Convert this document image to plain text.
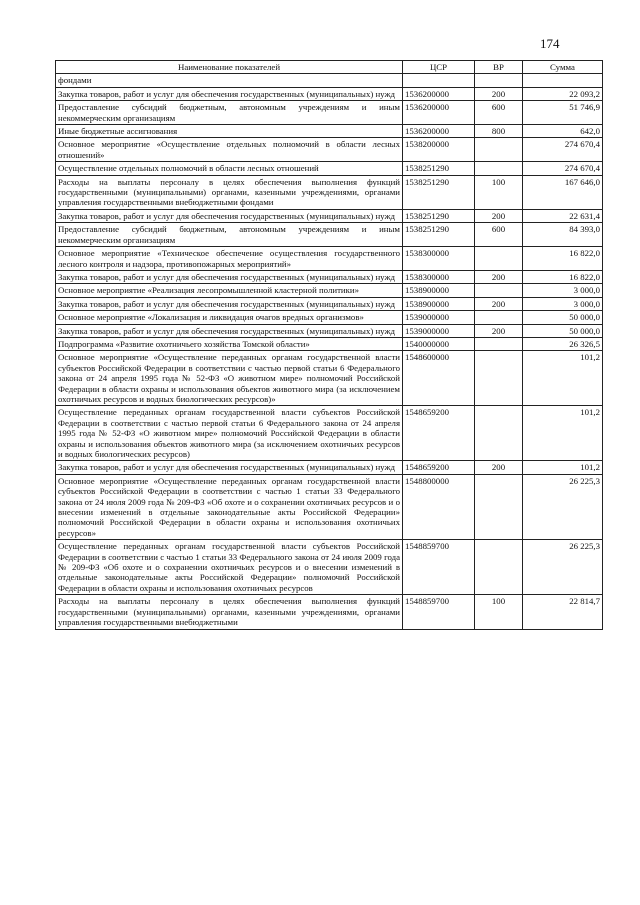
174
Наименование показателей	ЦСР	ВР	Сумма
фондами			
Закупка товаров, работ и услуг для обеспечения государственных (муниципальных) нужд	1536200000	200	22 093,2
Предоставление субсидий бюджетным, автономным учреждениям и иным некоммерческим организациям	1536200000	600	51 746,9
Иные бюджетные ассигнования	1536200000	800	642,0
Основное мероприятие «Осуществление отдельных полномочий в области лесных отношений»	1538200000		274 670,4
Осуществление отдельных полномочий в области лесных отношений	1538251290		274 670,4
Расходы на выплаты персоналу в целях обеспечения выполнения функций государственными (муниципальными) органами, казенными учреждениями, органами управления государственными внебюджетными фондами	1538251290	100	167 646,0
Закупка товаров, работ и услуг для обеспечения государственных (муниципальных) нужд	1538251290	200	22 631,4
Предоставление субсидий бюджетным, автономным учреждениям и иным некоммерческим организациям	1538251290	600	84 393,0
Основное мероприятие «Техническое обеспечение осуществления государственного лесного контроля и надзора, противопожарных мероприятий»	1538300000		16 822,0
Закупка товаров, работ и услуг для обеспечения государственных (муниципальных) нужд	1538300000	200	16 822,0
Основное мероприятие «Реализация лесопромышленной кластерной политики»	1538900000		3 000,0
Закупка товаров, работ и услуг для обеспечения государственных (муниципальных) нужд	1538900000	200	3 000,0
Основное мероприятие «Локализация и ликвидация очагов вредных организмов»	1539000000		50 000,0
Закупка товаров, работ и услуг для обеспечения государственных (муниципальных) нужд	1539000000	200	50 000,0
Подпрограмма «Развитие охотничьего хозяйства Томской области»	1540000000		26 326,5
Основное мероприятие «Осуществление переданных органам государственной власти субъектов Российской Федерации в соответствии с частью первой статьи 6 Федерального закона от 24 апреля 1995 года № 52-ФЗ «О животном мире» полномочий Российской Федерации в области охраны и использования объектов животного мира (за исключением охотничьих ресурсов и водных биологических ресурсов)»	1548600000		101,2
Осуществление переданных органам государственной власти субъектов Российской Федерации в соответствии с частью первой статьи 6 Федерального закона от 24 апреля 1995 года № 52-ФЗ «О животном мире» полномочий Российской Федерации в области охраны и использования объектов животного мира (за исключением охотничьих ресурсов и водных биологических ресурсов)	1548659200		101,2
Закупка товаров, работ и услуг для обеспечения государственных (муниципальных) нужд	1548659200	200	101,2
Основное мероприятие «Осуществление переданных органам государственной власти субъектов Российской Федерации в соответствии с частью 1 статьи 33 Федерального закона от 24 июля 2009 года № 209-ФЗ «Об охоте и о сохранении охотничьих ресурсов и о внесении изменений в отдельные законодательные акты Российской Федерации» полномочий Российской Федерации в области охраны и использования охотничьих ресурсов»	1548800000		26 225,3
Осуществление переданных органам государственной власти субъектов Российской Федерации в соответствии с частью 1 статьи 33 Федерального закона от 24 июля 2009 года № 209-ФЗ «Об охоте и о сохранении охотничьих ресурсов и о внесении изменений в отдельные законодательные акты Российской Федерации» полномочий Российской Федерации в области охраны и использования охотничьих ресурсов	1548859700		26 225,3
Расходы на выплаты персоналу в целях обеспечения выполнения функций государственными (муниципальными) органами, казенными учреждениями, органами управления государственными внебюджетными	1548859700	100	22 814,7
